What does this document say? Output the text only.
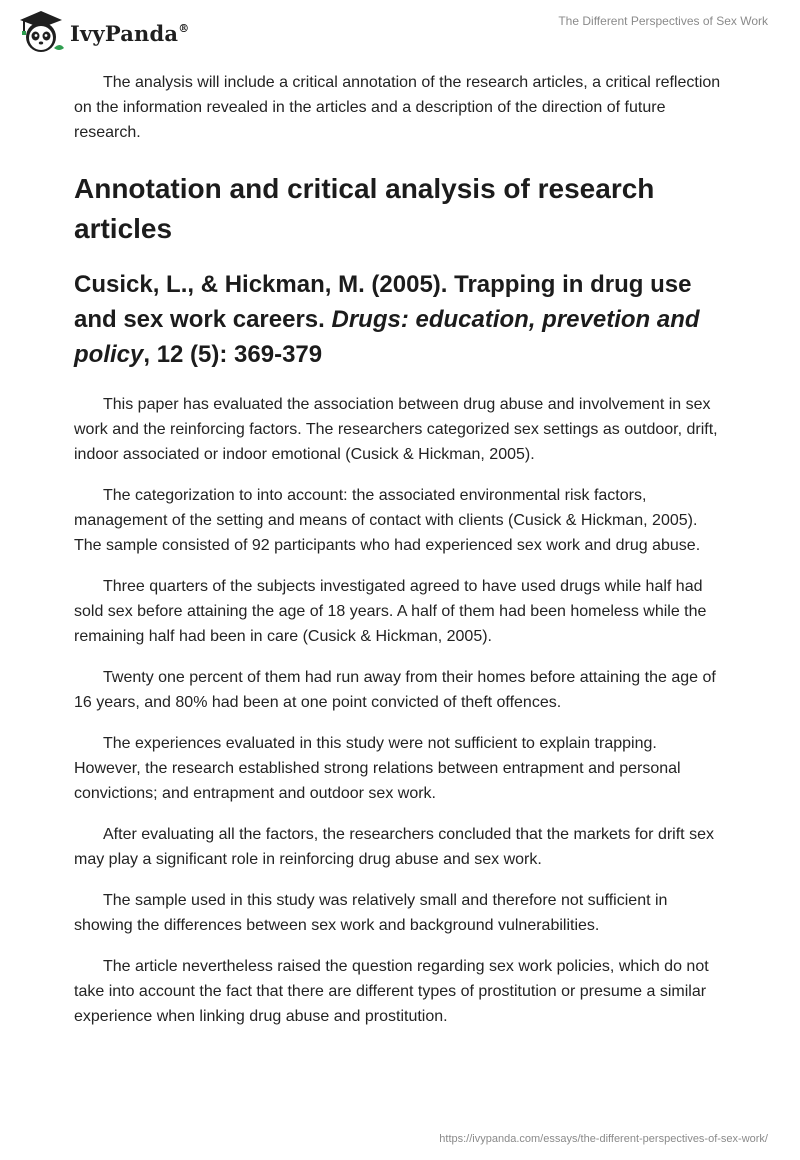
IvyPanda®	The Different Perspectives of Sex Work

The analysis will include a critical annotation of the research articles, a critical reflection on the information revealed in the articles and a description of the direction of future research.

Annotation and critical analysis of research articles
Cusick, L., & Hickman, M. (2005). Trapping in drug use and sex work careers. Drugs: education, prevetion and policy, 12 (5): 369-379

This paper has evaluated the association between drug abuse and involvement in sex work and the reinforcing factors. The researchers categorized sex settings as outdoor, drift, indoor associated or indoor emotional (Cusick & Hickman, 2005).

The categorization to into account: the associated environmental risk factors, management of the setting and means of contact with clients (Cusick & Hickman, 2005). The sample consisted of 92 participants who had experienced sex work and drug abuse.

Three quarters of the subjects investigated agreed to have used drugs while half had sold sex before attaining the age of 18 years. A half of them had been homeless while the remaining half had been in care (Cusick & Hickman, 2005).

Twenty one percent of them had run away from their homes before attaining the age of 16 years, and 80% had been at one point convicted of theft offences.

The experiences evaluated in this study were not sufficient to explain trapping. However, the research established strong relations between entrapment and personal convictions; and entrapment and outdoor sex work.

After evaluating all the factors, the researchers concluded that the markets for drift sex may play a significant role in reinforcing drug abuse and sex work.

The sample used in this study was relatively small and therefore not sufficient in showing the differences between sex work and background vulnerabilities.

The article nevertheless raised the question regarding sex work policies, which do not take into account the fact that there are different types of prostitution or presume a similar experience when linking drug abuse and prostitution.

https://ivypanda.com/essays/the-different-perspectives-of-sex-work/
